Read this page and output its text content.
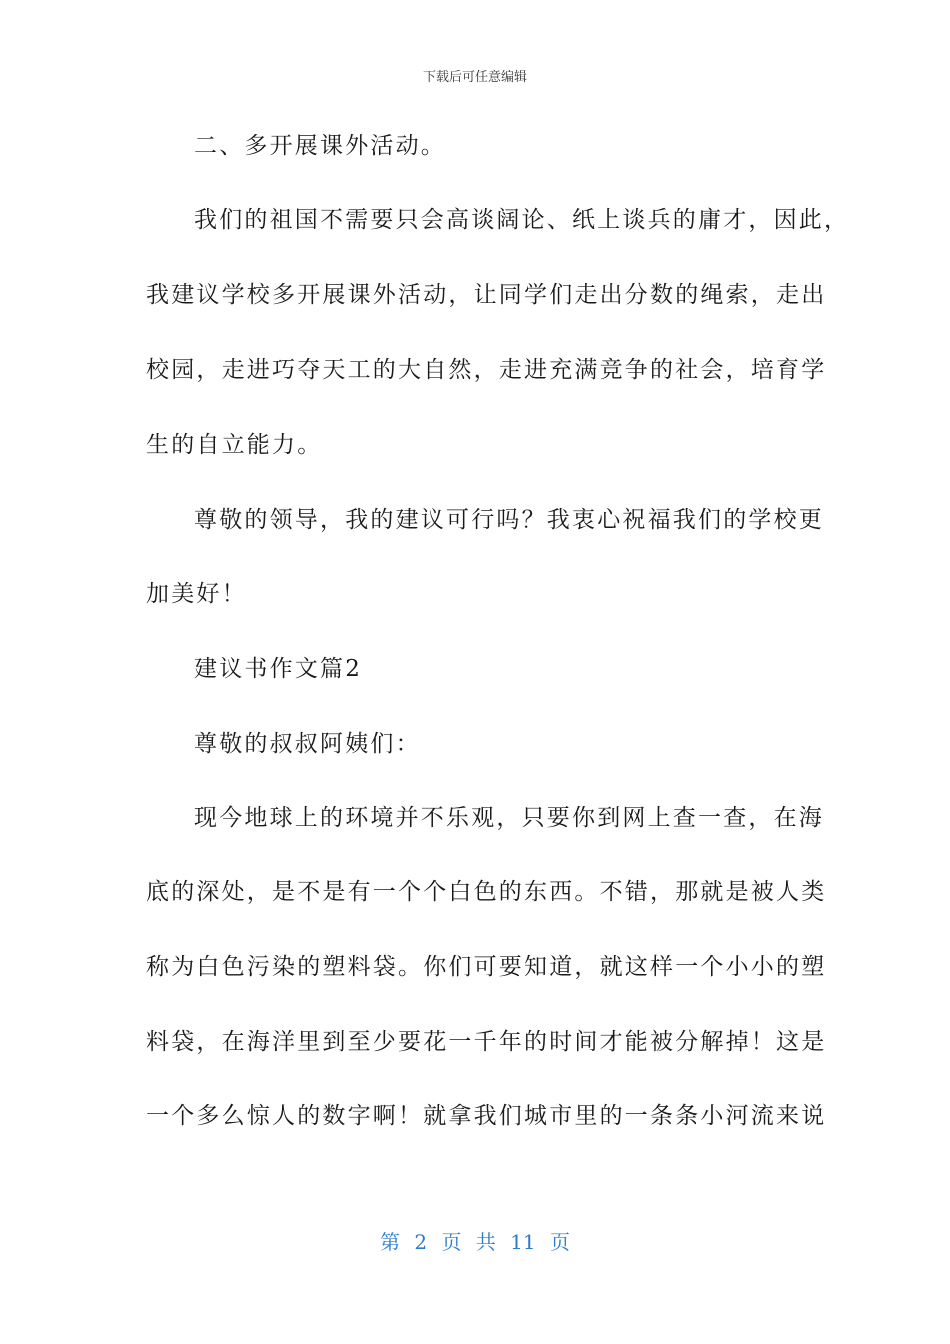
下载后可任意编辑
二、多开展课外活动。
我们的祖国不需要只会高谈阔论、纸上谈兵的庸才，因此，
我建议学校多开展课外活动，让同学们走出分数的绳索，走出
校园，走进巧夺天工的大自然，走进充满竞争的社会，培育学
生的自立能力。
尊敬的领导，我的建议可行吗？我衷心祝福我们的学校更
加美好！
建议书作文篇2
尊敬的叔叔阿姨们：
现今地球上的环境并不乐观，只要你到网上查一查，在海
底的深处，是不是有一个个白色的东西。不错，那就是被人类
称为白色污染的塑料袋。你们可要知道，就这样一个小小的塑
料袋，在海洋里到至少要花一千年的时间才能被分解掉！这是
一个多么惊人的数字啊！就拿我们城市里的一条条小河流来说
第 2 页 共 11 页
